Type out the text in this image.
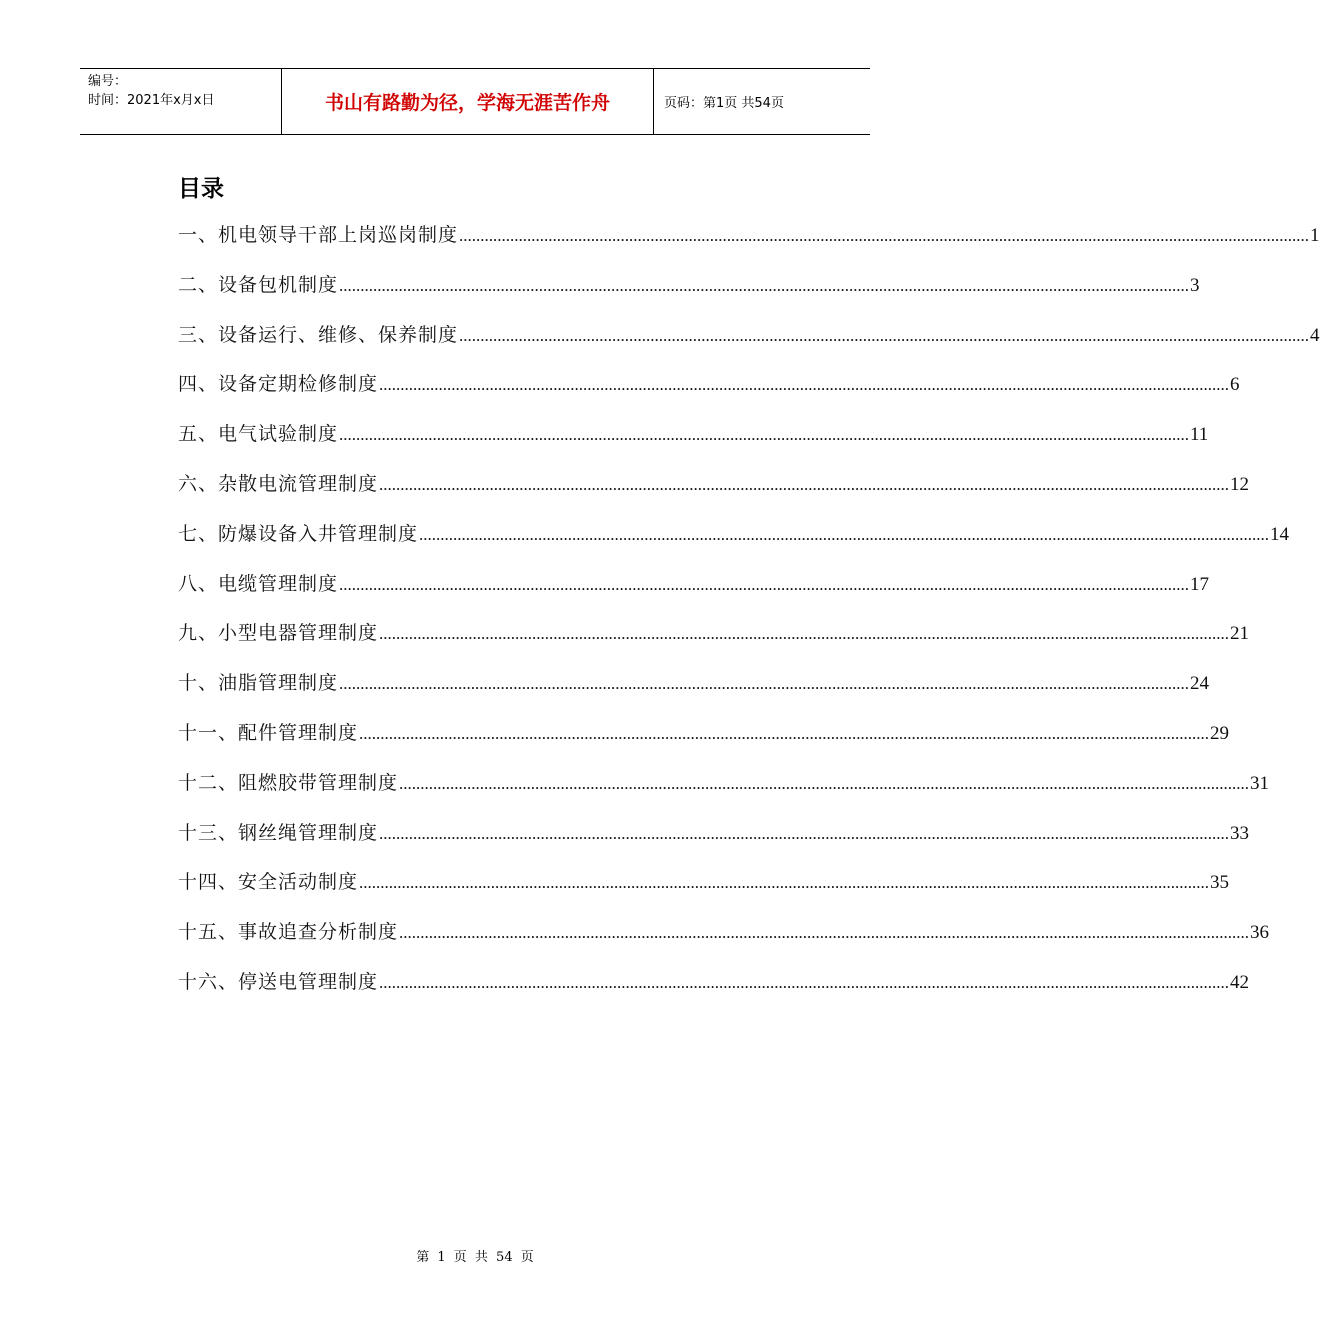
编号：
时间：2021年x月x日	书山有路勤为径，学海无涯苦作舟	页码：第1页 共54页
目录
一、机电领导干部上岗巡岗制度 ........................................................................................................................................................................................................ 1
二、设备包机制度 ........................................................................................................................................................................................................ 3
三、设备运行、维修、保养制度 ........................................................................................................................................................................................................ 4
四、设备定期检修制度 ........................................................................................................................................................................................................ 6
五、电气试验制度 ........................................................................................................................................................................................................ 11
六、杂散电流管理制度 ........................................................................................................................................................................................................ 12
七、防爆设备入井管理制度 ........................................................................................................................................................................................................ 14
八、电缆管理制度 ........................................................................................................................................................................................................ 17
九、小型电器管理制度 ........................................................................................................................................................................................................ 21
十、油脂管理制度 ........................................................................................................................................................................................................ 24
十一、配件管理制度 ........................................................................................................................................................................................................ 29
十二、阻燃胶带管理制度 ........................................................................................................................................................................................................ 31
十三、钢丝绳管理制度 ........................................................................................................................................................................................................ 33
十四、安全活动制度 ........................................................................................................................................................................................................ 35
十五、事故追查分析制度 ........................................................................................................................................................................................................ 36
十六、停送电管理制度 ........................................................................................................................................................................................................ 42
第 1 页 共 54 页
